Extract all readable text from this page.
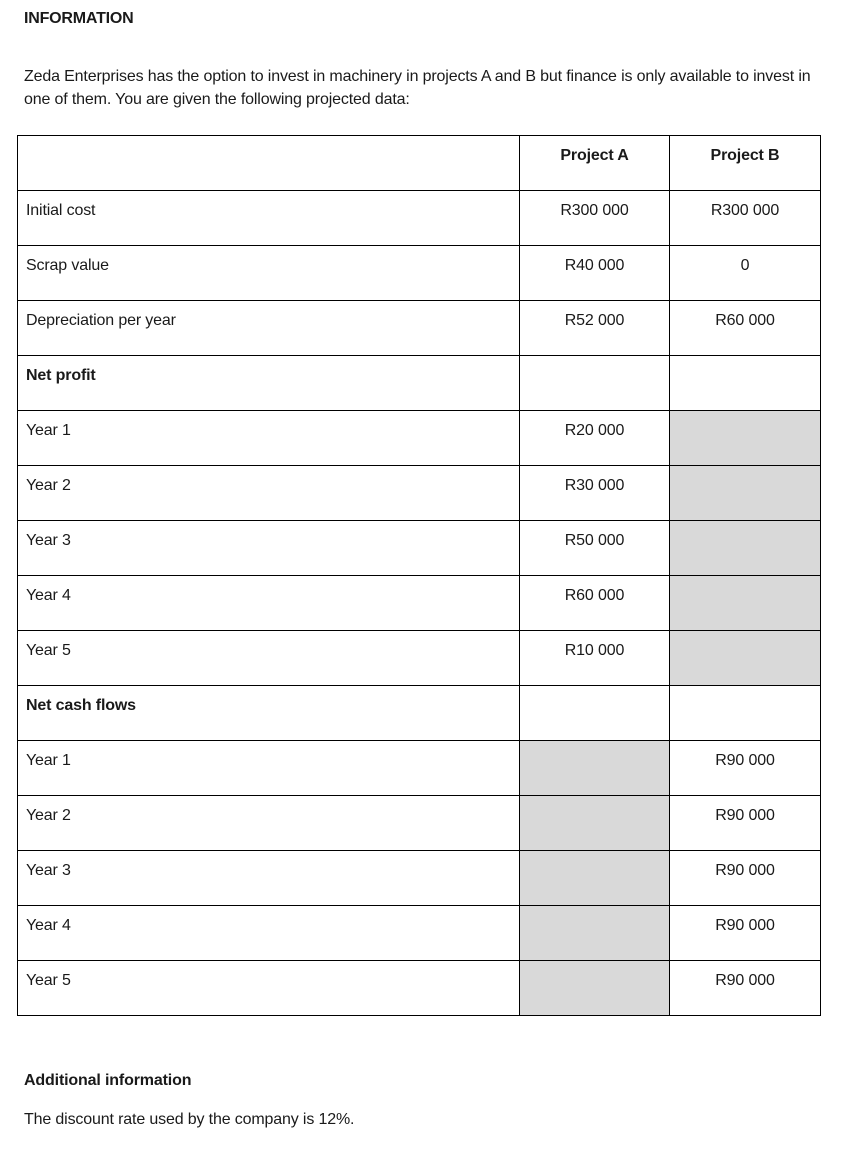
INFORMATION
Zeda Enterprises has the option to invest in machinery in projects A and B but finance is only available to invest in one of them. You are given the following projected data:

	Project A	Project B

Initial cost	R300 000	R300 000

Scrap value	R40 000	0

Depreciation per year	R52 000	R60 000

Net profit		

Year 1	R20 000	

Year 2	R30 000	

Year 3	R50 000	

Year 4	R60 000	

Year 5	R10 000	

Net cash flows		

Year 1		R90 000

Year 2		R90 000

Year 3		R90 000

Year 4		R90 000

Year 5		R90 000
Additional information
The discount rate used by the company is 12%.
